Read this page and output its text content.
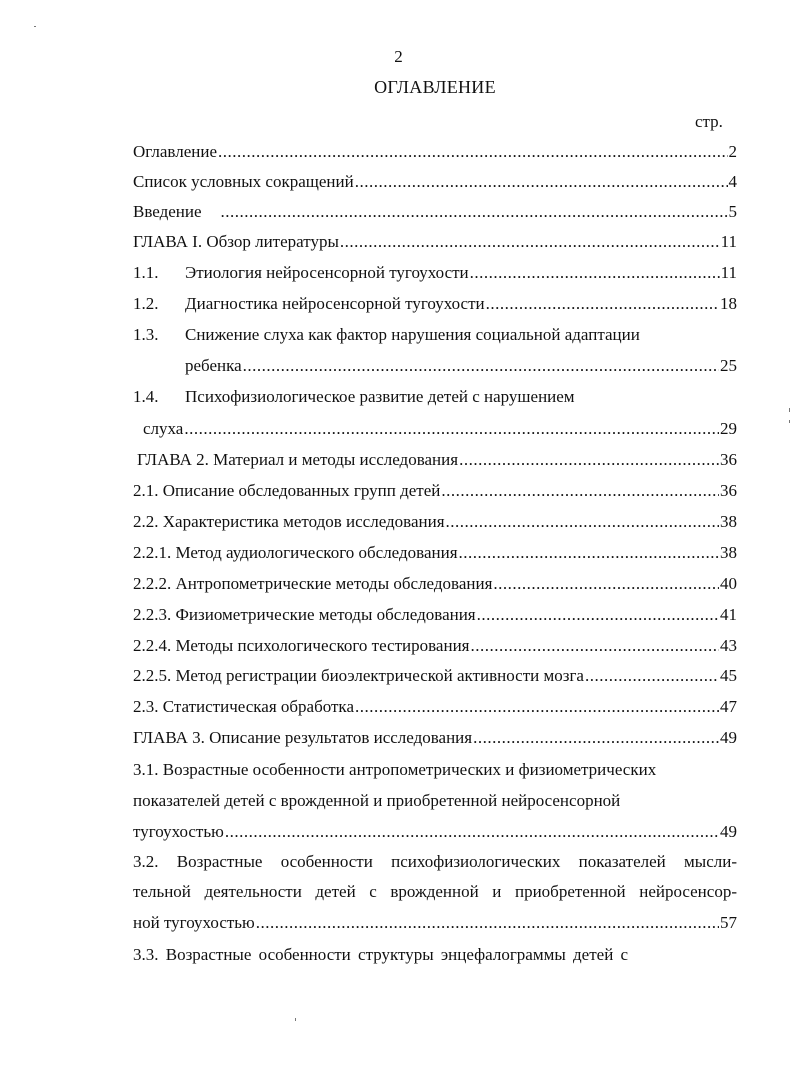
2
ОГЛАВЛЕНИЕ
стр.
Оглавление .....	2
Список условных сокращений .....	4
Введение .....	5
ГЛАВА I. Обзор литературы .....	11
1.1.	Этиология нейросенсорной тугоухости .....	11
1.2.	Диагностика нейросенсорной тугоухости .....	18
1.3.	Снижение слуха как фактор нарушения социальной адаптации
ребенка .....	25
1.4.	Психофизиологическое развитие детей с нарушением
слуха .....	29
ГЛАВА 2. Материал и методы исследования .....	36
2.1. Описание обследованных групп детей .....	36
2.2. Характеристика методов исследования .....	38
2.2.1. Метод аудиологического обследования .....	38
2.2.2. Антропометрические методы обследования .....	40
2.2.3. Физиометрические методы обследования .....	41
2.2.4. Методы психологического тестирования .....	43
2.2.5. Метод регистрации биоэлектрической активности мозга .....	45
2.3. Статистическая обработка .....	47
ГЛАВА 3. Описание результатов исследования .....	49
3.1. Возрастные особенности антропометрических и физиометрических
показателей детей с врожденной и приобретенной нейросенсорной
тугоухостью .....	49
3.2. Возрастные особенности психофизиологических показателей мысли-
тельной деятельности детей с врожденной и приобретенной нейросенсор-
ной тугоухостью .....	57
3.3. Возрастные особенности структуры энцефалограммы детей с
